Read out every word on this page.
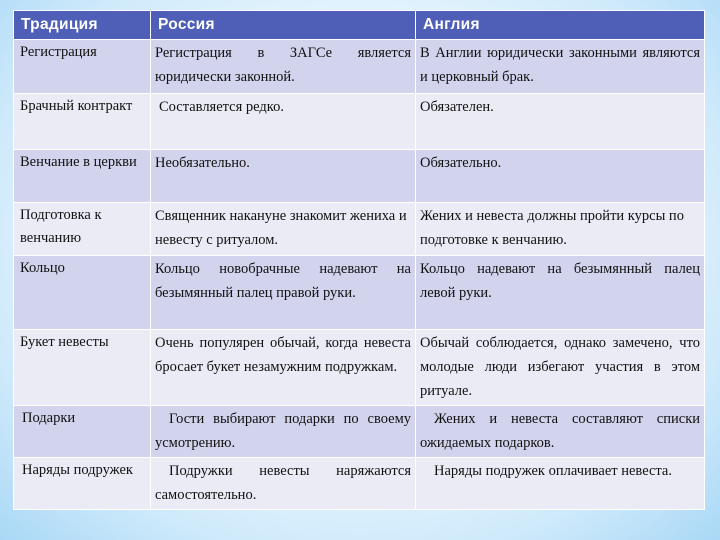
Традиция	Россия	Англия
Регистрация	Регистрация в ЗАГСе является юридически законной.	В Англии юридически законными являются и церковный брак.
Брачный контракт	Составляется редко.	Обязателен.
Венчание в церкви	Необязательно.	Обязательно.
Подготовка к венчанию	Священник накануне знакомит жениха и невесту с ритуалом.	Жених и невеста должны пройти курсы по подготовке к венчанию.
Кольцо	Кольцо новобрачные надевают на безымянный палец правой руки.	Кольцо надевают на безымянный палец левой руки.
Букет невесты	Очень популярен обычай, когда невеста бросает букет незамужним подружкам.	Обычай соблюдается, однако замечено, что молодые люди избегают участия в этом ритуале.
Подарки	Гости выбирают подарки по своему усмотрению.	Жених и невеста составляют списки ожидаемых подарков.
Наряды подружек	Подружки невесты наряжаются самостоятельно.	Наряды подружек оплачивает невеста.
